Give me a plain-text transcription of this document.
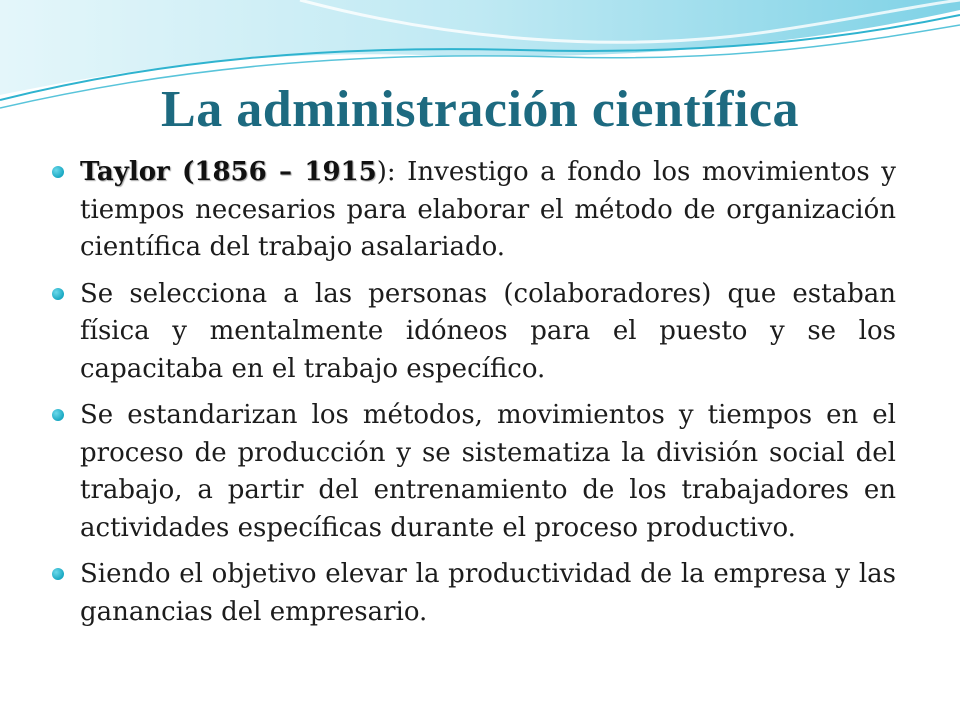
La administración científica
Taylor (1856 – 1915): Investigo a fondo los movimientos y tiempos necesarios para elaborar el método de organización científica del trabajo asalariado.
Se selecciona a las personas (colaboradores) que estaban física y mentalmente idóneos para el puesto y se los capacitaba en el trabajo específico.
Se estandarizan los métodos, movimientos y tiempos en el proceso de producción y se sistematiza la división social del trabajo, a partir del entrenamiento de los trabajadores en actividades específicas durante el proceso productivo.
Siendo el objetivo elevar la productividad de la empresa y las ganancias del empresario.
